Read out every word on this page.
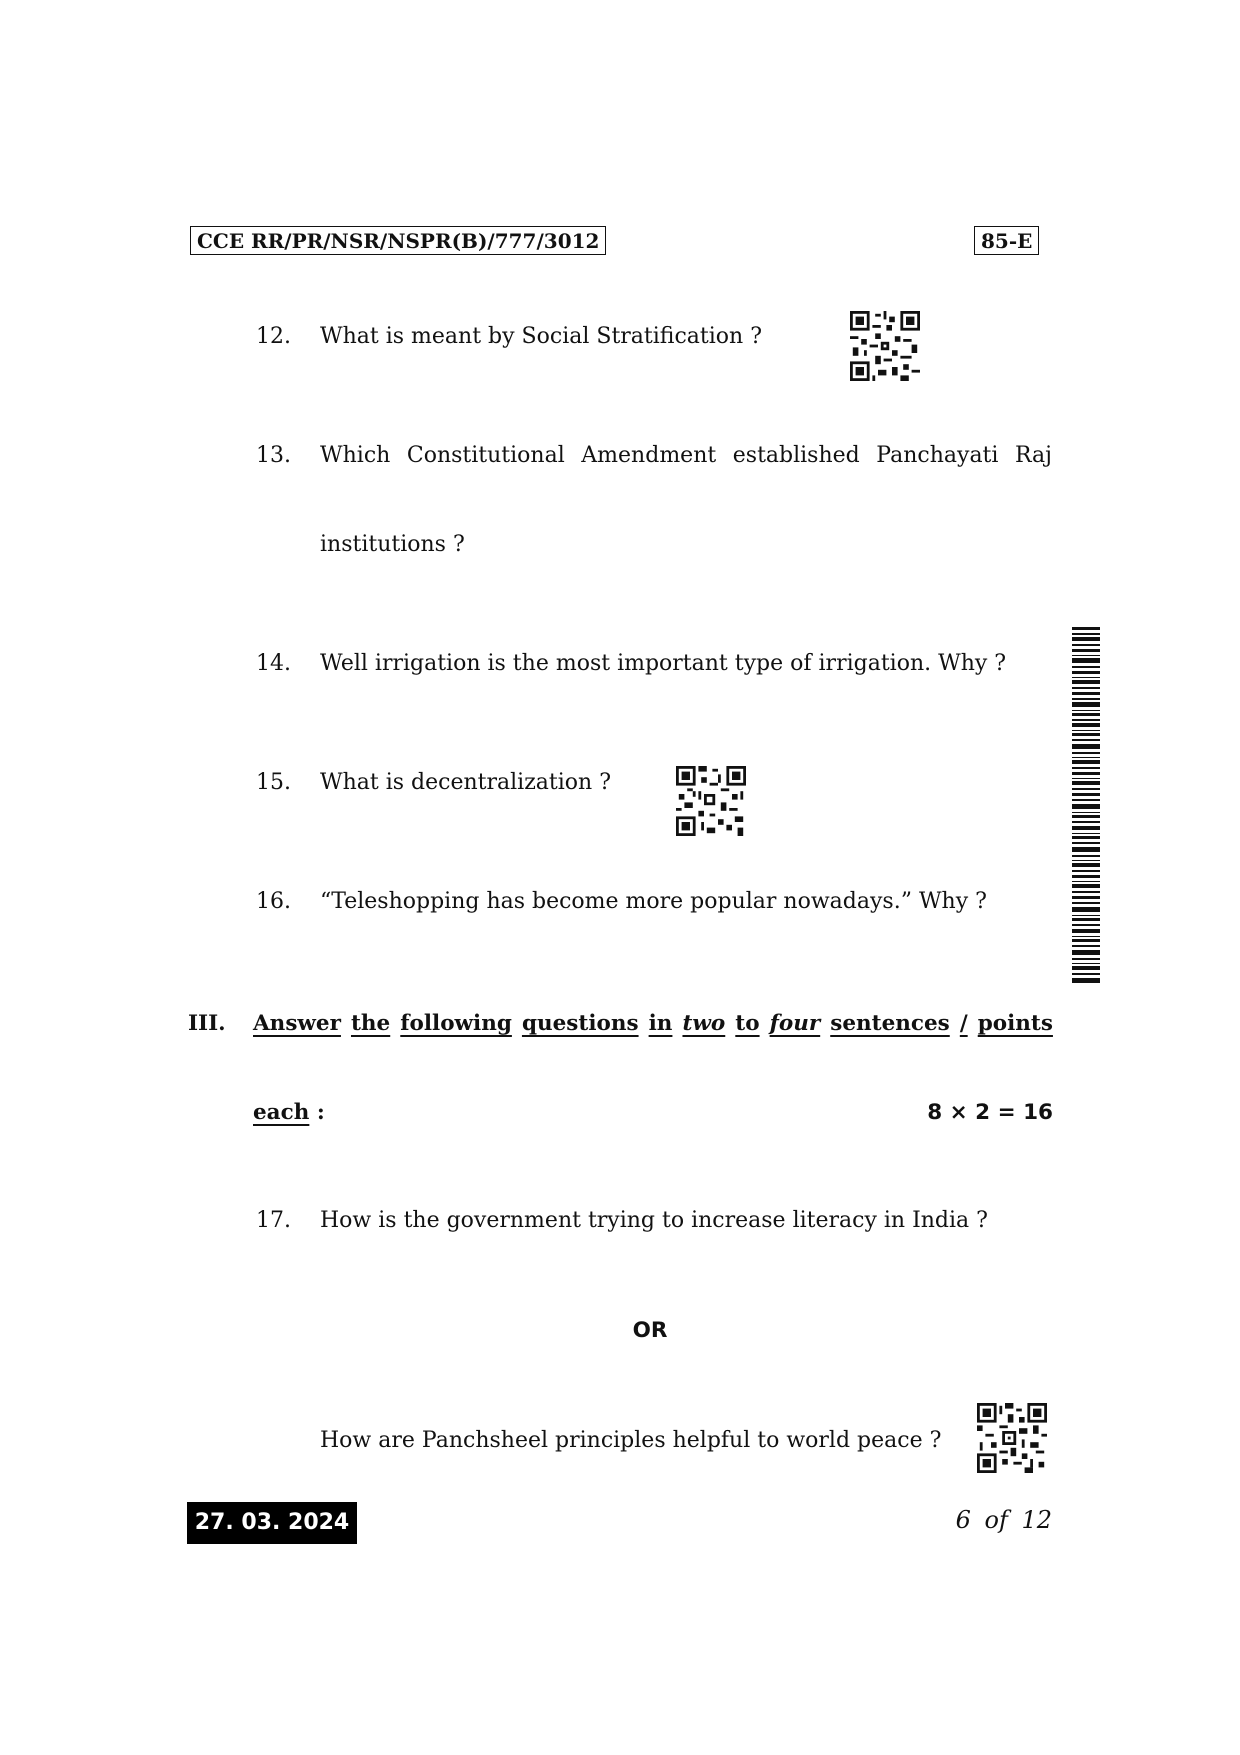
CCE RR/PR/NSR/NSPR(B)/777/3012	85-E
12. What is meant by Social Stratification ?
13. Which Constitutional Amendment established Panchayati Raj
institutions ?
14. Well irrigation is the most important type of irrigation. Why ?
15. What is decentralization ?
16. “Teleshopping has become more popular nowadays.” Why ?
III. Answer the following questions in two to four sentences / points
each :	8 × 2 = 16
17. How is the government trying to increase literacy in India ?
OR
How are Panchsheel principles helpful to world peace ?
27. 03. 2024	6 of 12
